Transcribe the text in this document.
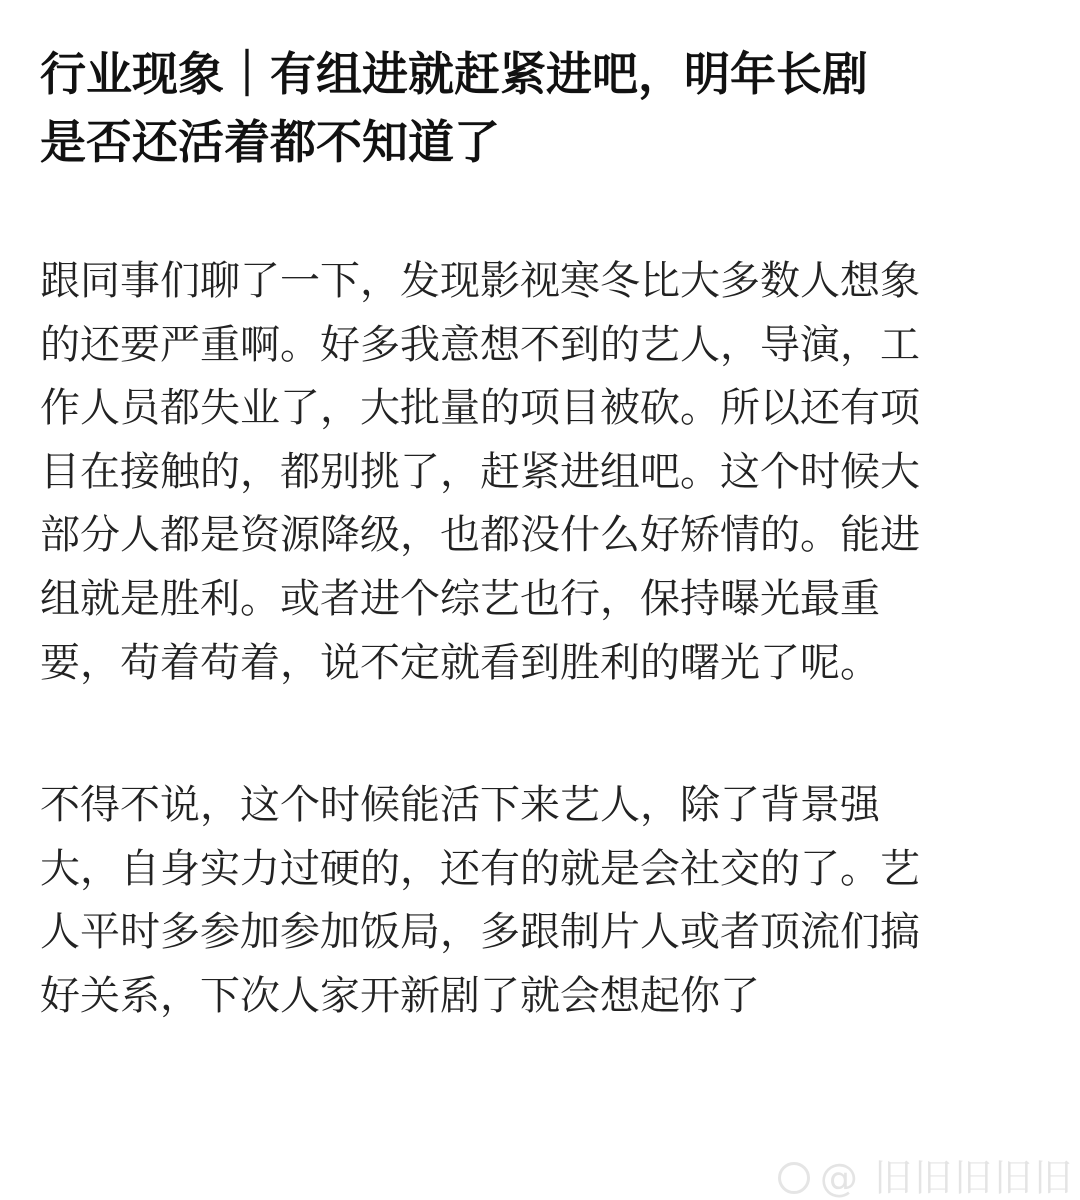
行业现象｜有组进就赶紧进吧，明年长剧
是否还活着都不知道了

跟同事们聊了一下，发现影视寒冬比大多数人想象
的还要严重啊。好多我意想不到的艺人，导演，工
作人员都失业了，大批量的项目被砍。所以还有项
目在接触的，都别挑了，赶紧进组吧。这个时候大
部分人都是资源降级，也都没什么好矫情的。能进
组就是胜利。或者进个综艺也行，保持曝光最重
要，苟着苟着，说不定就看到胜利的曙光了呢。

不得不说，这个时候能活下来艺人，除了背景强
大，自身实力过硬的，还有的就是会社交的了。艺
人平时多参加参加饭局，多跟制片人或者顶流们搞
好关系，下次人家开新剧了就会想起你了

@ 旧旧旧旧旧
